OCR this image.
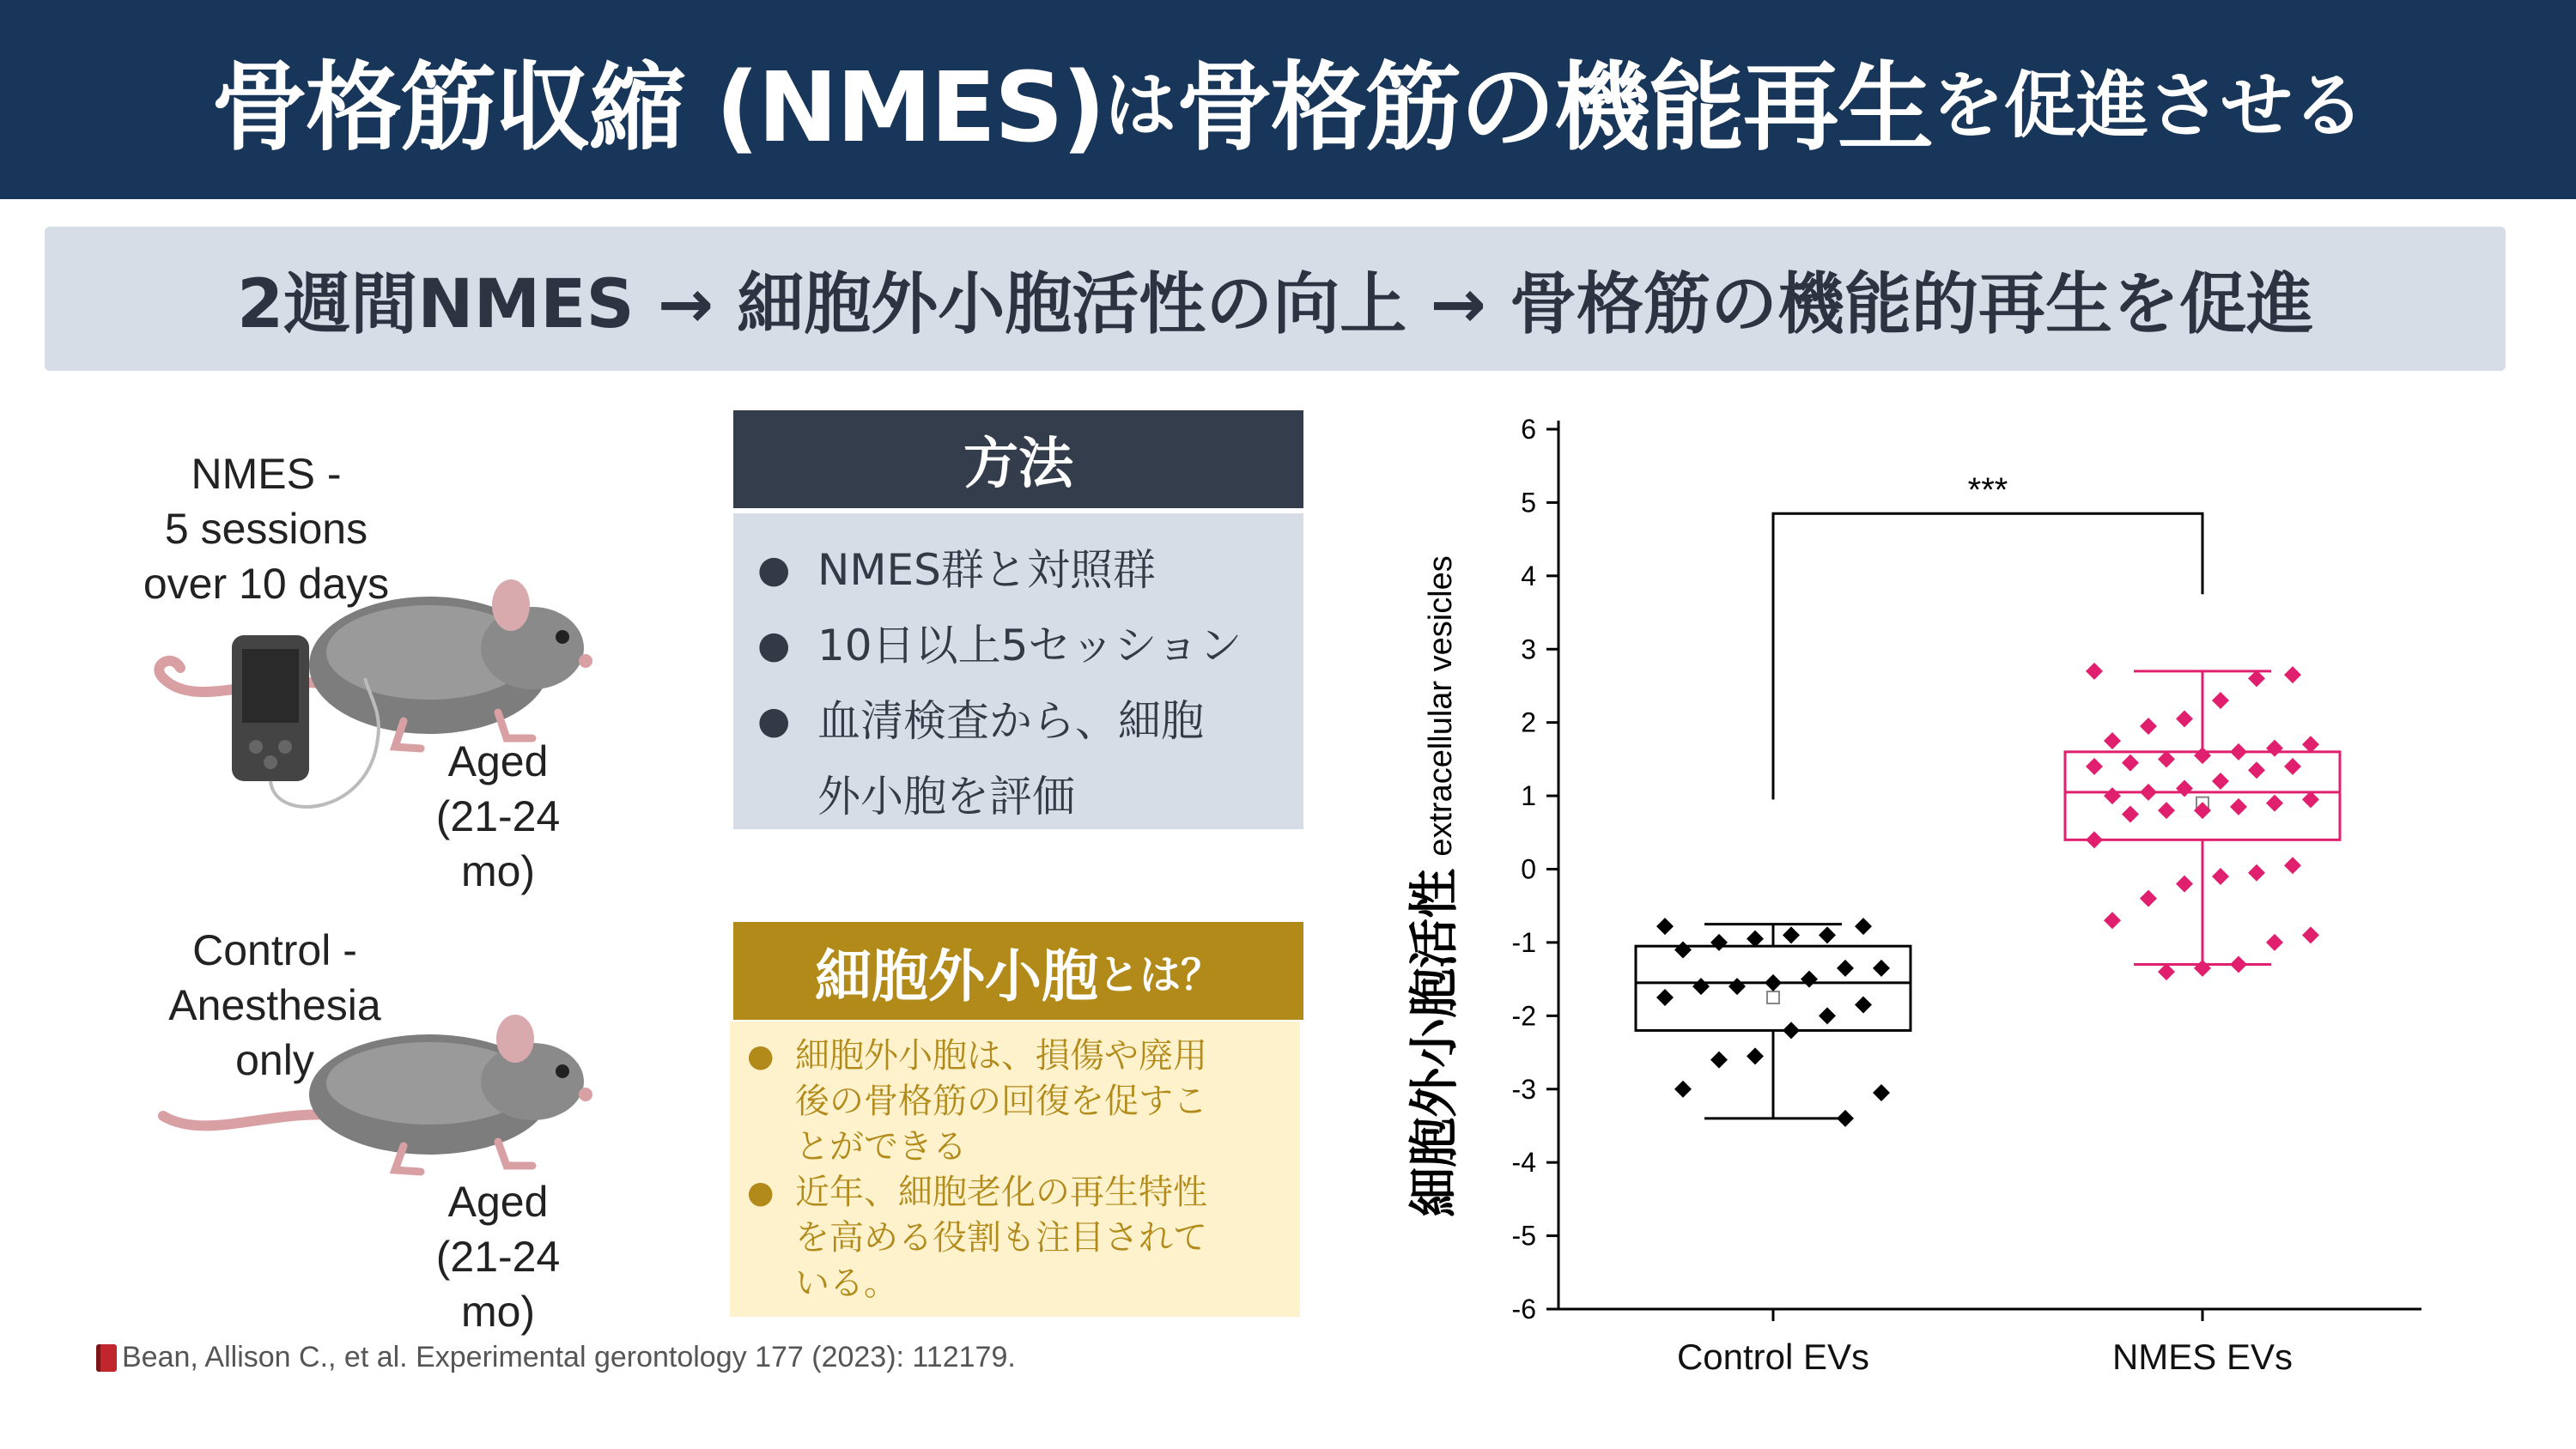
骨格筋収縮 (NMES) は 骨格筋の機能再生 を促進させる
2週間NMES → 細胞外小胞活性の向上 → 骨格筋の機能的再生を促進
NMES -
5 sessions
over 10 days
Aged
(21-24 mo)
Control -
Anesthesia
only
Aged
(21-24 mo)
方法
● NMES群と対照群
● 10日以上5セッション
● 血清検査から、細胞
外小胞を評価
細胞外小胞 とは？
● 細胞外小胞は、損傷や廃用
後の骨格筋の回復を促すこ
とができる
● 近年、細胞老化の再生特性
を高める役割も注目されて
いる。
Bean, Allison C., et al. Experimental gerontology 177 (2023): 112179.
6
5
4
3
2
1
0
-1
-2
-3
-4
-5
-6
Control EVs	NMES EVs
細胞外小胞活性extracellular vesicles
***
